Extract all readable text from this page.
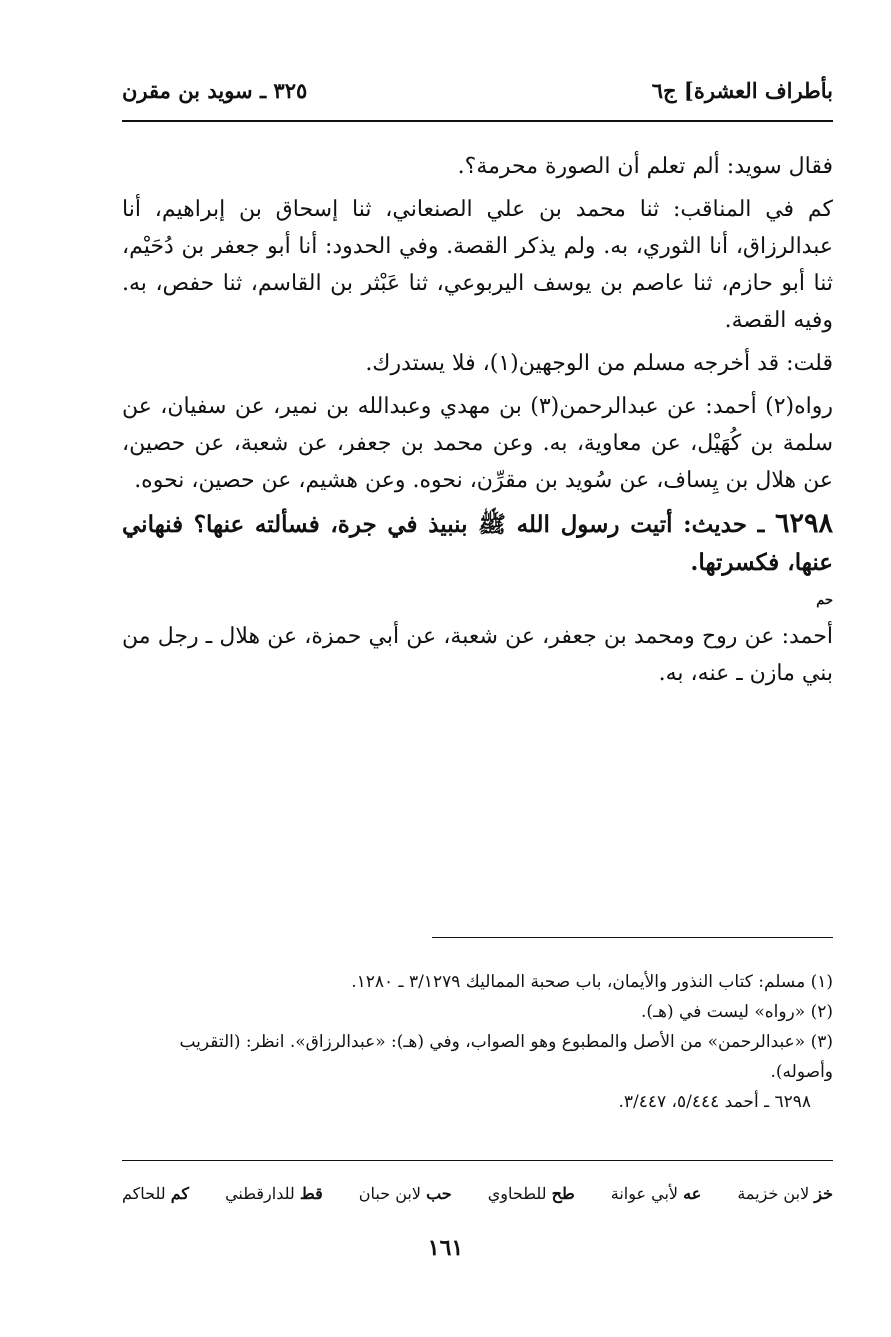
بأطراف العشرة] ج٦
٣٢٥ ـ سويد بن مقرن

فقال سويد: ألم تعلم أن الصورة محرمة؟.

كم في المناقب: ثنا محمد بن علي الصنعاني، ثنا إسحاق بن إبراهيم، أنا عبدالرزاق، أنا الثوري، به. ولم يذكر القصة. وفي الحدود: أنا أبو جعفر بن دُحَيْم، ثنا أبو حازم، ثنا عاصم بن يوسف اليربوعي، ثنا عَبْثر بن القاسم، ثنا حفص، به. وفيه القصة.

قلت: قد أخرجه مسلم من الوجهين(١)، فلا يستدرك.

رواه(٢) أحمد: عن عبدالرحمن(٣) بن مهدي وعبدالله بن نمير، عن سفيان، عن سلمة بن كُهَيْل، عن معاوية، به. وعن محمد بن جعفر، عن شعبة، عن حصين، عن هلال بن يِساف، عن سُويد بن مقرِّن، نحوه. وعن هشيم، عن حصين، نحوه.

٦٢٩٨ ـ حديث: أتيت رسول الله ﷺ بنبيذ في جرة، فسألته عنها؟ فنهاني عنها، فكسرتها.
حم

أحمد: عن روح ومحمد بن جعفر، عن شعبة، عن أبي حمزة، عن هلال ـ رجل من بني مازن ـ عنه، به.

(١) مسلم: كتاب النذور والأيمان، باب صحبة المماليك ٣/١٢٧٩ ـ ١٢٨٠.

(٢) «رواه» ليست في (هـ).

(٣) «عبدالرحمن» من الأصل والمطبوع وهو الصواب، وفي (هـ): «عبدالرزاق». انظر: (التقريب وأصوله).

٦٢٩٨ ـ أحمد ٥/٤٤٤، ٣/٤٤٧.

خز لابن خزيمة
عه لأبي عوانة
طح للطحاوي
حب لابن حبان
قط للدارقطني
كم للحاكم
١٦١
